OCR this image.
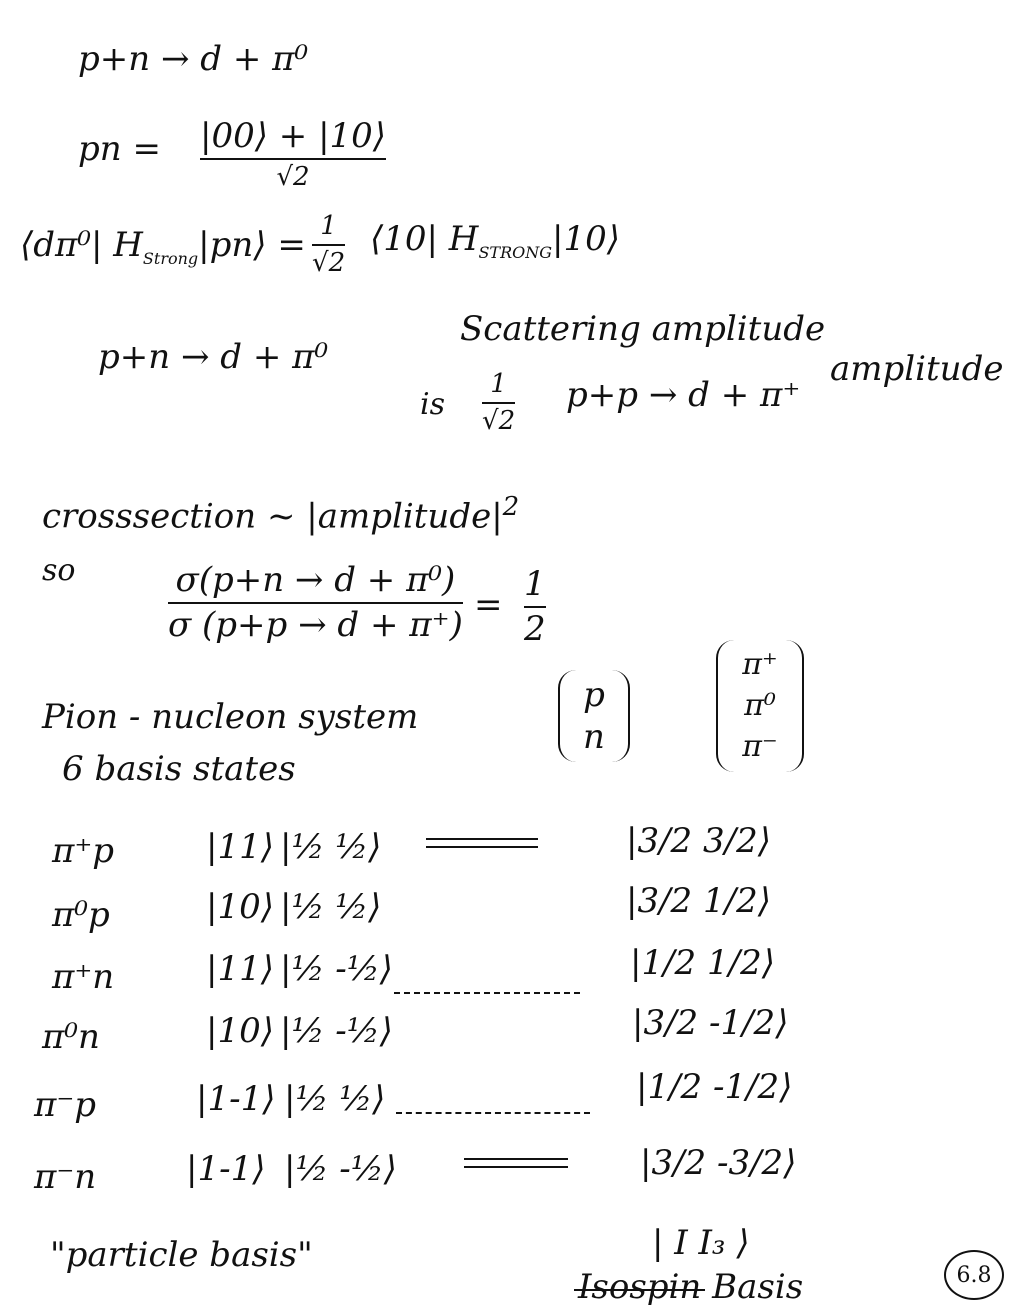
p+n → d + π⁰
pn = |00⟩ + |10⟩
√2
⟨dπ⁰| $H_{Strong}|pn⟩ = 1$
√2
⟨10| $H_{STRONG}|10⟩$
p+n → d + π⁰
Scattering amplitude
is
1
√2
p+p → d + π⁺
amplitude
crosssection ~ $|amplitude|^2$
so	σ(p+n → d + π⁰)
σ (p+p → d + π⁺)
=
1
2
Pion - nucleon system
6 basis states
p
n
π⁺
π⁰
π⁻
π⁺p	|11⟩ |½ ½⟩	|3/2 3/2⟩
π⁰p	|10⟩ |½ ½⟩	|3/2 1/2⟩
π⁺n	|11⟩ |½ -½⟩	|1/2 1/2⟩
π⁰n	|10⟩ |½ -½⟩	|3/2 -1/2⟩
π⁻p	|1-1⟩ |½ ½⟩	|1/2 -1/2⟩
π⁻n	|1-1⟩ |½ -½⟩	|3/2 -3/2⟩
"particle basis"	| I I₃ ⟩
Isospin Basis	6.8
